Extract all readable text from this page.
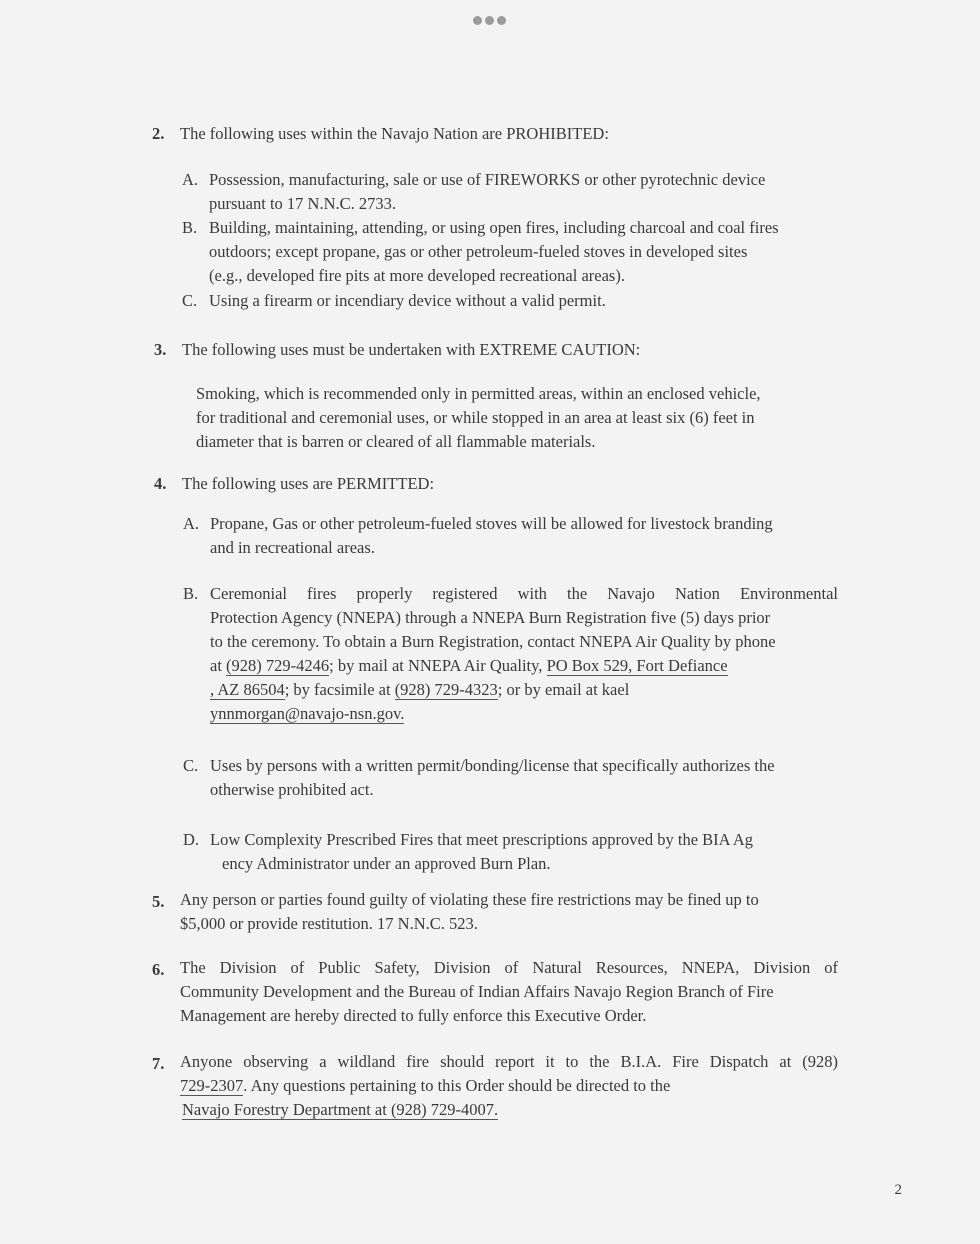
2. The following uses within the Navajo Nation are PROHIBITED:
A. Possession, manufacturing, sale or use of FIREWORKS or other pyrotechnic device
pursuant to 17 N.N.C. 2733.
B. Building, maintaining, attending, or using open fires, including charcoal and coal fires
outdoors; except propane, gas or other petroleum-fueled stoves in developed sites
(e.g., developed fire pits at more developed recreational areas).
C. Using a firearm or incendiary device without a valid permit.
3. The following uses must be undertaken with EXTREME CAUTION:
Smoking, which is recommended only in permitted areas, within an enclosed vehicle,
for traditional and ceremonial uses, or while stopped in an area at least six (6) feet in
diameter that is barren or cleared of all flammable materials.
4. The following uses are PERMITTED:
A. Propane, Gas or other petroleum-fueled stoves will be allowed for livestock branding
and in recreational areas.
B. Ceremonial fires properly registered with the Navajo Nation Environmental
Protection Agency (NNEPA) through a NNEPA Burn Registration five (5) days prior
to the ceremony. To obtain a Burn Registration, contact NNEPA Air Quality by phone
at (928) 729-4246; by mail at NNEPA Air Quality, PO Box 529, Fort Defiance
, AZ 86504; by facsimile at (928) 729-4323; or by email at kael
ynnmorgan@navajo-nsn.gov.
C. Uses by persons with a written permit/bonding/license that specifically authorizes the
otherwise prohibited act.
D. Low Complexity Prescribed Fires that meet prescriptions approved by the BIA Ag
ency Administrator under an approved Burn Plan.
5. Any person or parties found guilty of violating these fire restrictions may be fined up to
$5,000 or provide restitution. 17 N.N.C. 523.
6. The Division of Public Safety, Division of Natural Resources, NNEPA, Division of
Community Development and the Bureau of Indian Affairs Navajo Region Branch of Fire
Management are hereby directed to fully enforce this Executive Order.
7. Anyone observing a wildland fire should report it to the B.I.A. Fire Dispatch at (928)
729-2307. Any questions pertaining to this Order should be directed to the
Navajo Forestry Department at (928) 729-4007.
2
